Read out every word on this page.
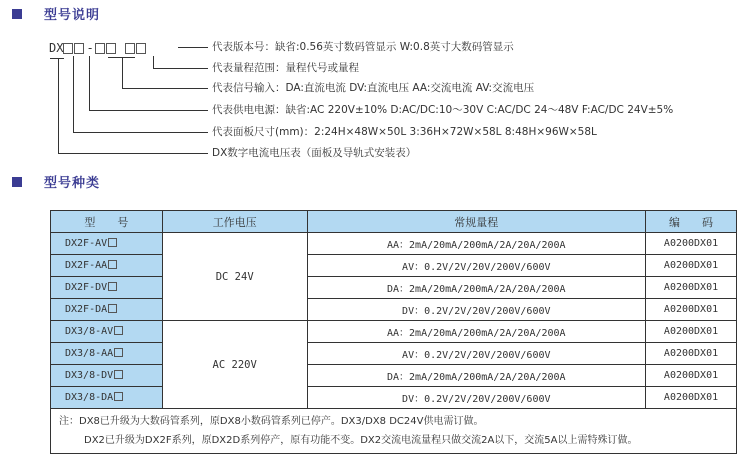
型号说明
DX -	代表版本号：缺省:0.56英寸数码管显示 W:0.8英寸大数码管显示
代表量程范围：量程代号或量程
代表信号输入：DA:直流电流 DV:直流电压 AA:交流电流 AV:交流电压
代表供电电源：缺省:AC 220V±10% D:AC/DC:10～30V C:AC/DC 24～48V F:AC/DC 24V±5%
代表面板尺寸(mm)：2:24H×48W×50L 3:36H×72W×58L 8:48H×96W×58L
DX数字电流电压表（面板及导轨式安装表）
型号种类
型　　号	工作电压	常规量程	编　　码
DX2F-AV	DC 24V	AA：2mA/20mA/200mA/2A/20A/200A	A0200DX01
DX2F-AA		AV：0.2V/2V/20V/200V/600V	A0200DX01
DX2F-DV		DA：2mA/20mA/200mA/2A/20A/200A	A0200DX01
DX2F-DA		DV：0.2V/2V/20V/200V/600V	A0200DX01
DX3/8-AV	AC 220V	AA：2mA/20mA/200mA/2A/20A/200A	A0200DX01
DX3/8-AA		AV：0.2V/2V/20V/200V/600V	A0200DX01
DX3/8-DV		DA：2mA/20mA/200mA/2A/20A/200A	A0200DX01
DX3/8-DA		DV：0.2V/2V/20V/200V/600V	A0200DX01

注：DX8已升级为大数码管系列，原DX8小数码管系列已停产。DX3/DX8 DC24V供电需订做。
DX2已升级为DX2F系列，原DX2D系列停产，原有功能不变。DX2交流电流量程只做交流2A以下，交流5A以上需特殊订做。			
